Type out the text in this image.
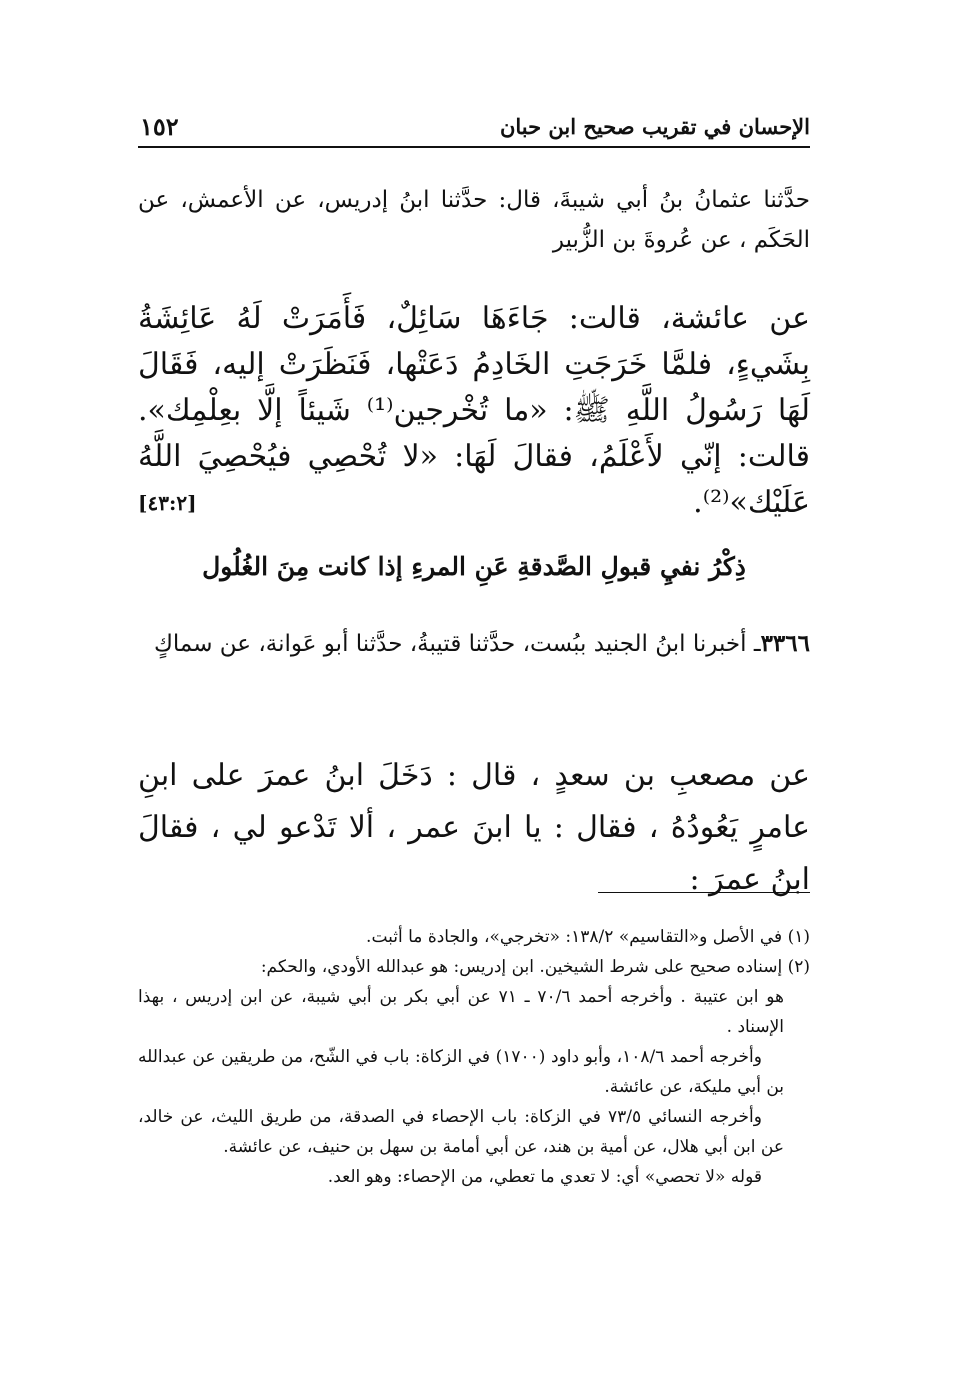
الإحسان في تقريب صحيح ابن حبان
١٥٢

حدَّثنا عثمانُ بنُ أبي شيبةَ، قال: حدَّثنا ابنُ إدريس، عن الأعمش، عن الحَكَم ، عن عُروةَ بن الزُّبير

عن عائشة، قالت: جَاءَهَا سَائِلٌ، فَأَمَرَتْ لَهُ عَائِشَةُ بِشَيءٍ، فلمَّا خَرَجَتِ الخَادِمُ دَعَتْها، فَنَظَرَتْ إليه، فَقَالَ لَهَا رَسُولُ اللَّهِ ﷺ: «ما تُخْرجين⁽¹⁾ شَيئاً إلَّا بعِلْمِك». قالت: إنّي لأَعْلَمُ، فقالَ لَهَا: «لا تُحْصِي فيُحْصِيَ اللَّهُ عَلَيْك»⁽²⁾.
[٤٣:٢]
ذِكْرُ نفيِ قبولِ الصَّدقةِ عَنِ المرءِ إذا كانت مِنَ الغُلُول

٣٣٦٦ـ أخبرنا ابنُ الجنيد ببُست، حدَّثنا قتيبةُ، حدَّثنا أبو عَوانة، عن سماكٍ

عن مصعبِ بن سعدٍ ، قال : دَخَلَ ابنُ عمرَ على ابنِ عامرٍ يَعُودُهُ ، فقال : يا ابنَ عمر ، ألا تَدْعو لي ، فقالَ ابنُ عمرَ :

(١) في الأصل و«التقاسيم» ١٣٨/٢: «تخرجي»، والجادة ما أثبت.

(٢) إسناده صحيح على شرط الشيخين. ابن إدريس: هو عبدالله الأودي، والحكم:

هو ابن عتيبة . وأخرجه أحمد ٧٠/٦ ـ ٧١ عن أبي بكر بن أبي شيبة، عن ابن إدريس ، بهذا الإسناد .

وأخرجه أحمد ١٠٨/٦، وأبو داود (١٧٠٠) في الزكاة: باب في الشّح، من طريقين عن عبدالله بن أبي مليكة، عن عائشة.

وأخرجه النسائي ٧٣/٥ في الزكاة: باب الإحصاء في الصدقة، من طريق الليث، عن خالد، عن ابن أبي هلال، عن أمية بن هند، عن أبي أمامة بن سهل بن حنيف، عن عائشة.

قوله «لا تحصي» أي: لا تعدي ما تعطي، من الإحصاء: وهو العد.
